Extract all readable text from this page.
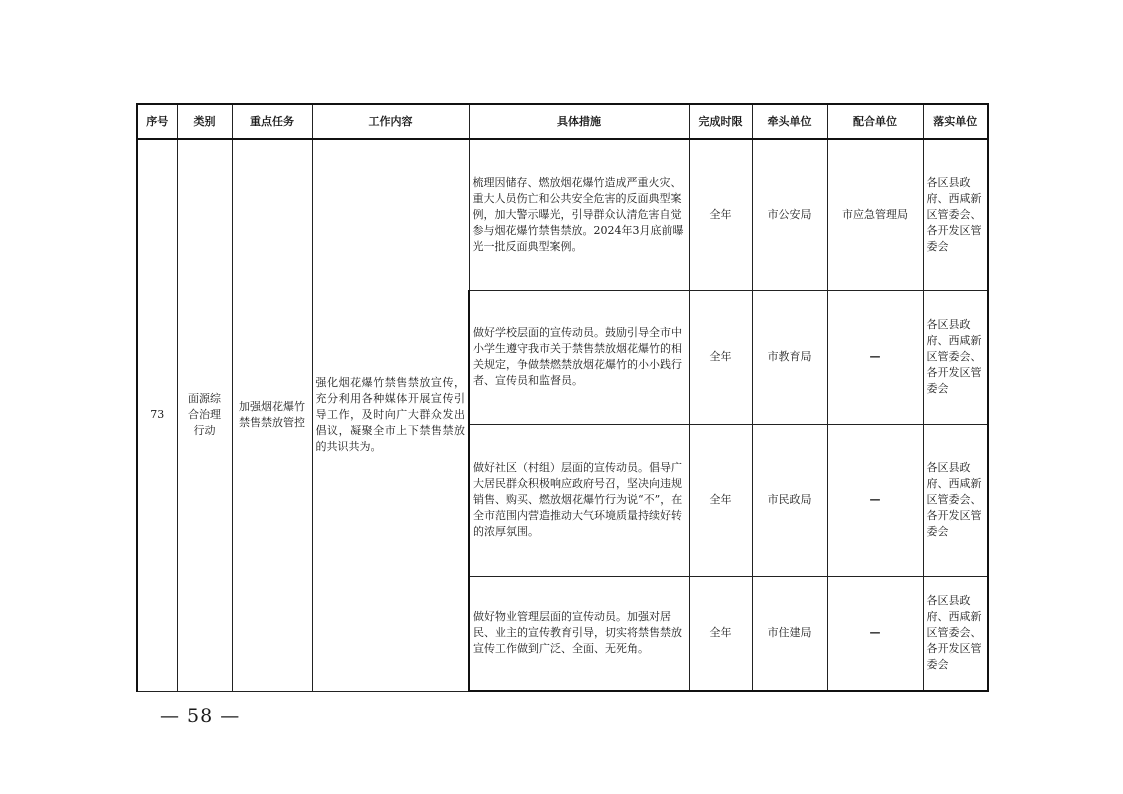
序号	类别	重点任务	工作内容	具体措施	完成时限	牵头单位	配合单位	落实单位
73	面源综合治理行动	加强烟花爆竹禁售禁放管控	强化烟花爆竹禁售禁放宣传，充分利用各种媒体开展宣传引导工作，及时向广大群众发出倡议，凝聚全市上下禁售禁放的共识共为。	梳理因储存、燃放烟花爆竹造成严重火灾、重大人员伤亡和公共安全危害的反面典型案例，加大警示曝光，引导群众认清危害自觉参与烟花爆竹禁售禁放。2024年3月底前曝光一批反面典型案例。	全年	市公安局	市应急管理局	各区县政府、西咸新区管委会、各开发区管委会
				做好学校层面的宣传动员。鼓励引导全市中小学生遵守我市关于禁售禁放烟花爆竹的相关规定，争做禁燃禁放烟花爆竹的小小践行者、宣传员和监督员。	全年	市教育局	—	各区县政府、西咸新区管委会、各开发区管委会
				做好社区（村组）层面的宣传动员。倡导广大居民群众积极响应政府号召，坚决向违规销售、购买、燃放烟花爆竹行为说“不”，在全市范围内营造推动大气环境质量持续好转的浓厚氛围。	全年	市民政局	—	各区县政府、西咸新区管委会、各开发区管委会
				做好物业管理层面的宣传动员。加强对居民、业主的宣传教育引导，切实将禁售禁放宣传工作做到广泛、全面、无死角。	全年	市住建局	—	各区县政府、西咸新区管委会、各开发区管委会
— 58 —
